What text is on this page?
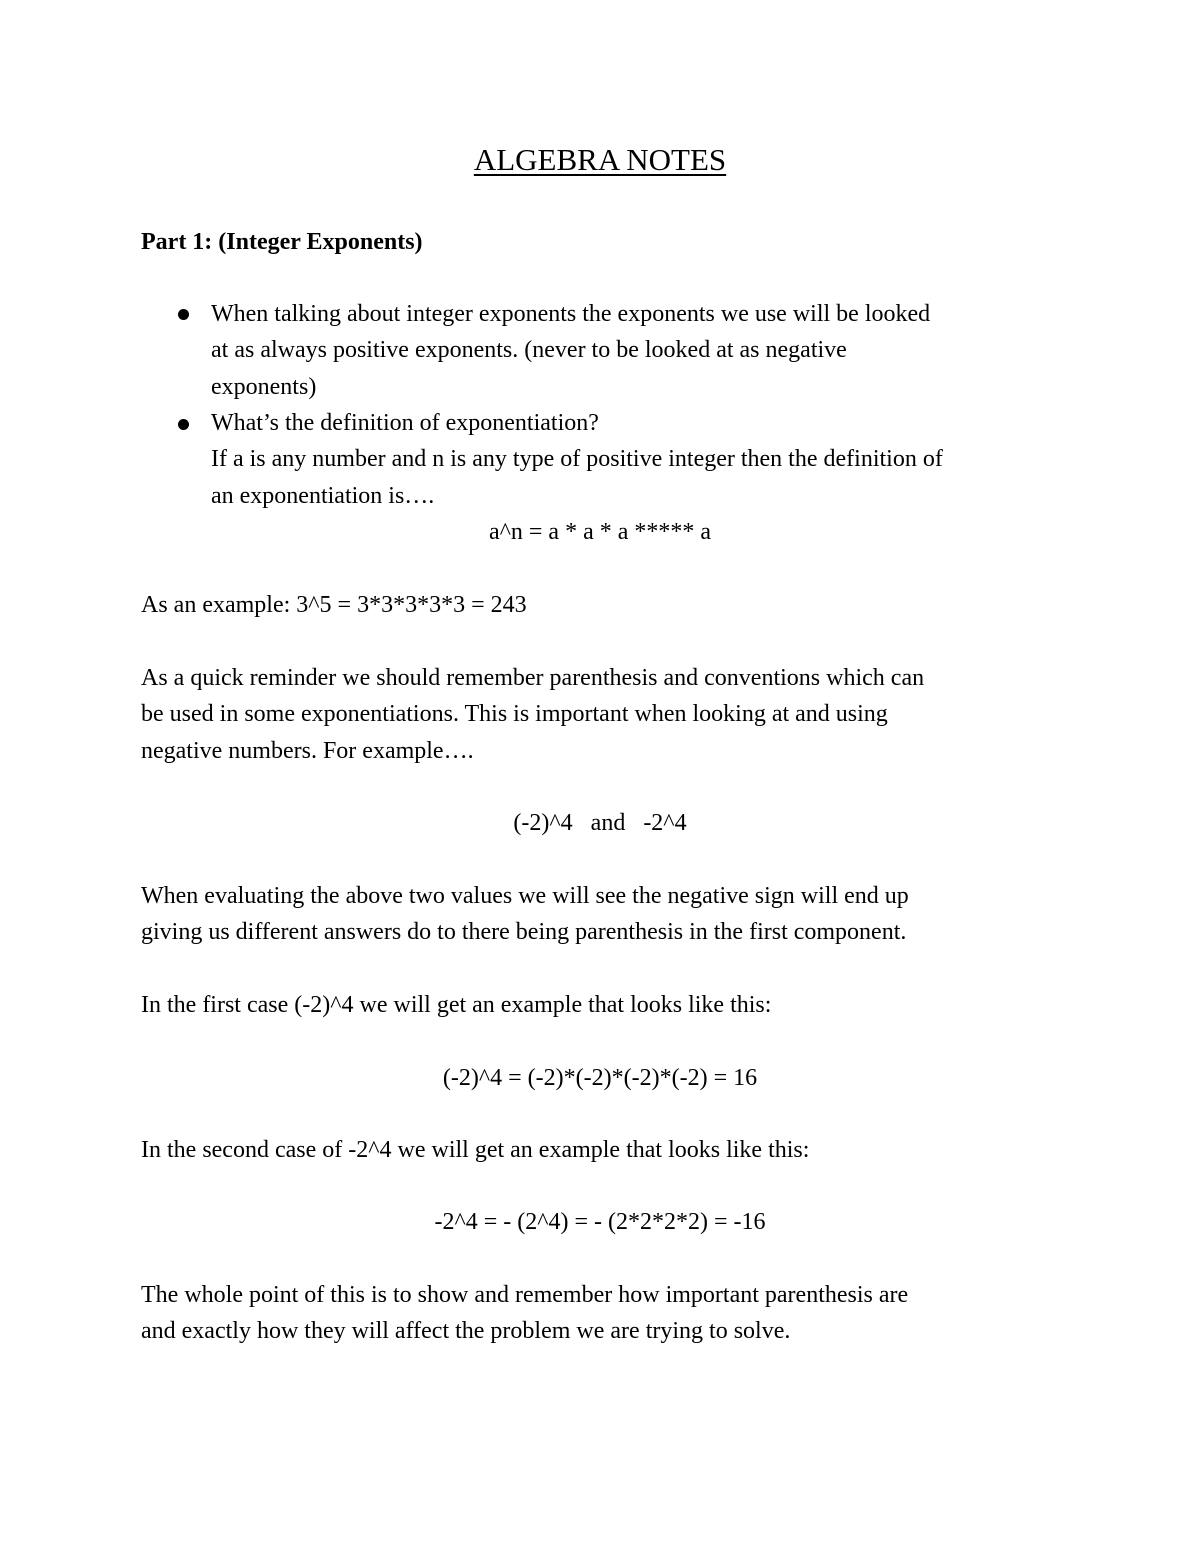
ALGEBRA NOTES
Part 1: (Integer Exponents)
When talking about integer exponents the exponents we use will be looked
at as always positive exponents. (never to be looked at as negative
exponents)
What’s the definition of exponentiation?
If a is any number and n is any type of positive integer then the definition of
an exponentiation is….
a^n = a * a * a ***** a
As an example: 3^5 = 3*3*3*3*3 = 243
As a quick reminder we should remember parenthesis and conventions which can
be used in some exponentiations. This is important when looking at and using
negative numbers. For example….
(-2)^4   and   -2^4
When evaluating the above two values we will see the negative sign will end up
giving us different answers do to there being parenthesis in the first component.
In the first case (-2)^4 we will get an example that looks like this:
(-2)^4 = (-2)*(-2)*(-2)*(-2) = 16
In the second case of -2^4 we will get an example that looks like this:
-2^4 = - (2^4) = - (2*2*2*2) = -16
The whole point of this is to show and remember how important parenthesis are
and exactly how they will affect the problem we are trying to solve.
